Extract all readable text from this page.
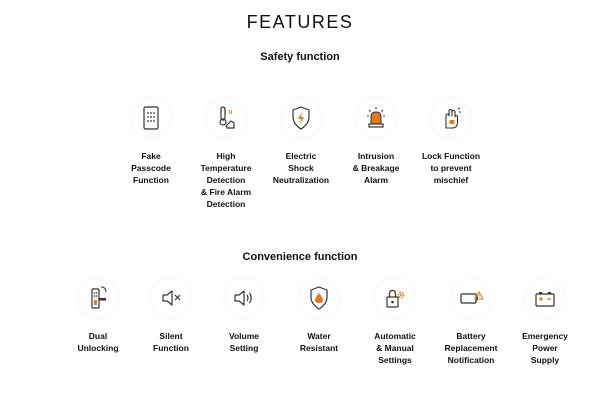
FEATURES
Safety function
Fake
Passcode
Function
High
Temperature
Detection
& Fire Alarm
Detection
Electric
Shock
Neutralization
Intrusion
& Breakage
Alarm
Lock Function
to prevent
mischief
Convenience function
Dual
Unlocking
Silent
Function
Volume
Setting
Water
Resistant
Automatic
& Manual
Settings
Battery
Replacement
Notification
Emergency
Power
Supply
